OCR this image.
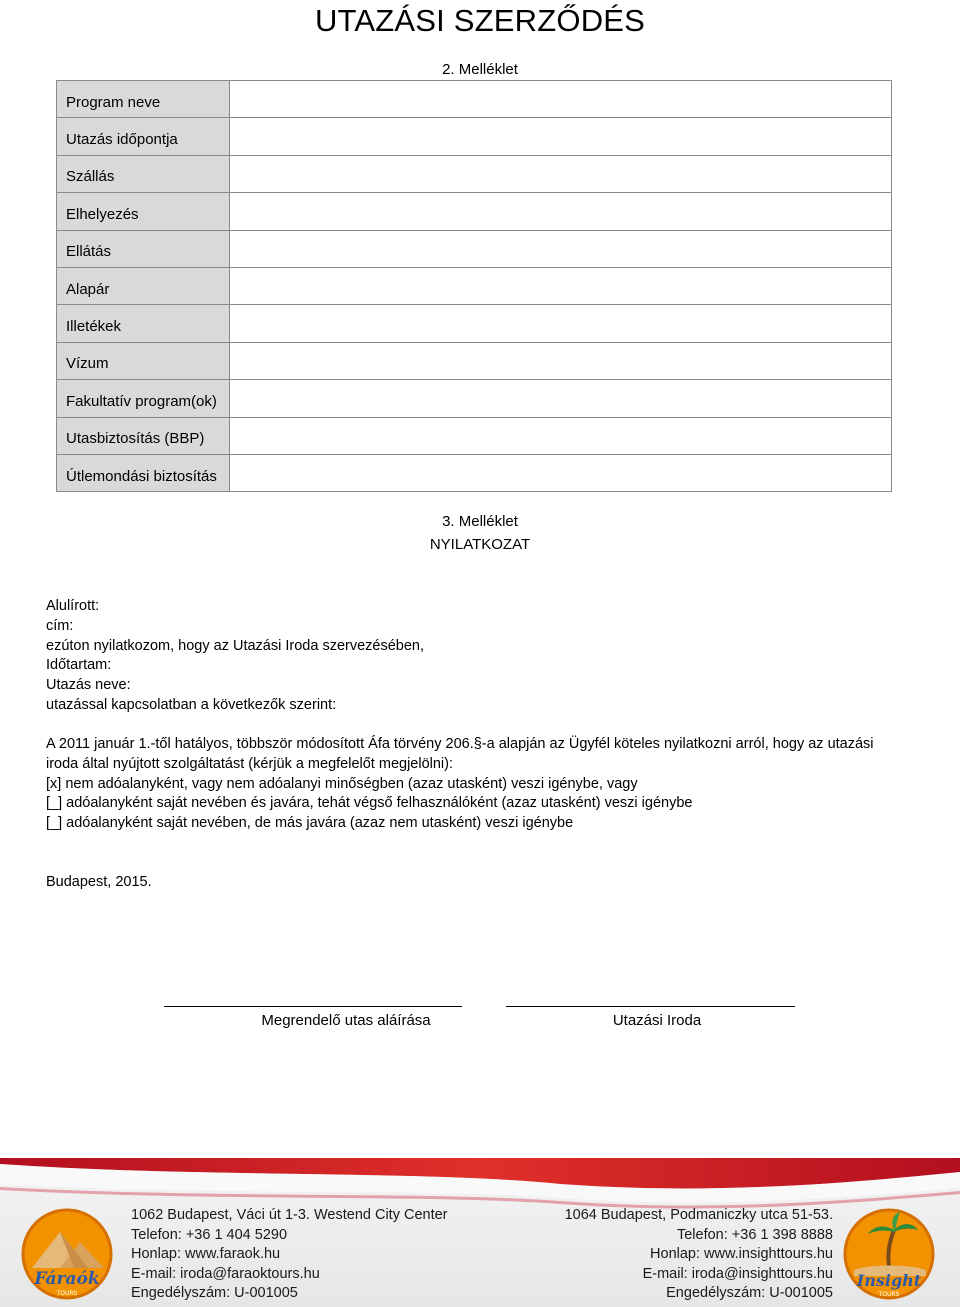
UTAZÁSI SZERZŐDÉS
2. Melléklet
Program neve	
Utazás időpontja	
Szállás	
Elhelyezés	
Ellátás	
Alapár	
Illetékek	
Vízum	
Fakultatív program(ok)	
Utasbiztosítás (BBP)	
Útlemondási biztosítás	
3. Melléklet
NYILATKOZAT
Alulírott:
cím:
ezúton nyilatkozom, hogy az Utazási Iroda szervezésében,
Időtartam:
Utazás neve:
utazással kapcsolatban a következők szerint:
A 2011 január 1.-től hatályos, többször módosított Áfa törvény 206.§-a alapján az Ügyfél köteles nyilatkozni arról, hogy az utazási
iroda által nyújtott szolgáltatást (kérjük a megfelelőt megjelölni):
[x] nem adóalanyként, vagy nem adóalanyi minőségben (azaz utasként) veszi igénybe, vagy
[_] adóalanyként saját nevében és javára, tehát végső felhasználóként (azaz utasként) veszi igénybe
[_] adóalanyként saját nevében, de más javára (azaz nem utasként) veszi igénybe
Budapest, 2015.
Megrendelő utas aláírása	Utazási Iroda
Fáraók
TOURS
1062 Budapest, Váci út 1-3. Westend City Center
Telefon: +36 1 404 5290
Honlap: www.faraok.hu
E-mail: iroda@faraoktours.hu
Engedélyszám: U-001005
1064 Budapest, Podmaniczky utca 51-53.
Telefon: +36 1 398 8888
Honlap: www.insighttours.hu
E-mail: iroda@insighttours.hu
Engedélyszám: U-001005
Insight
TOURS
